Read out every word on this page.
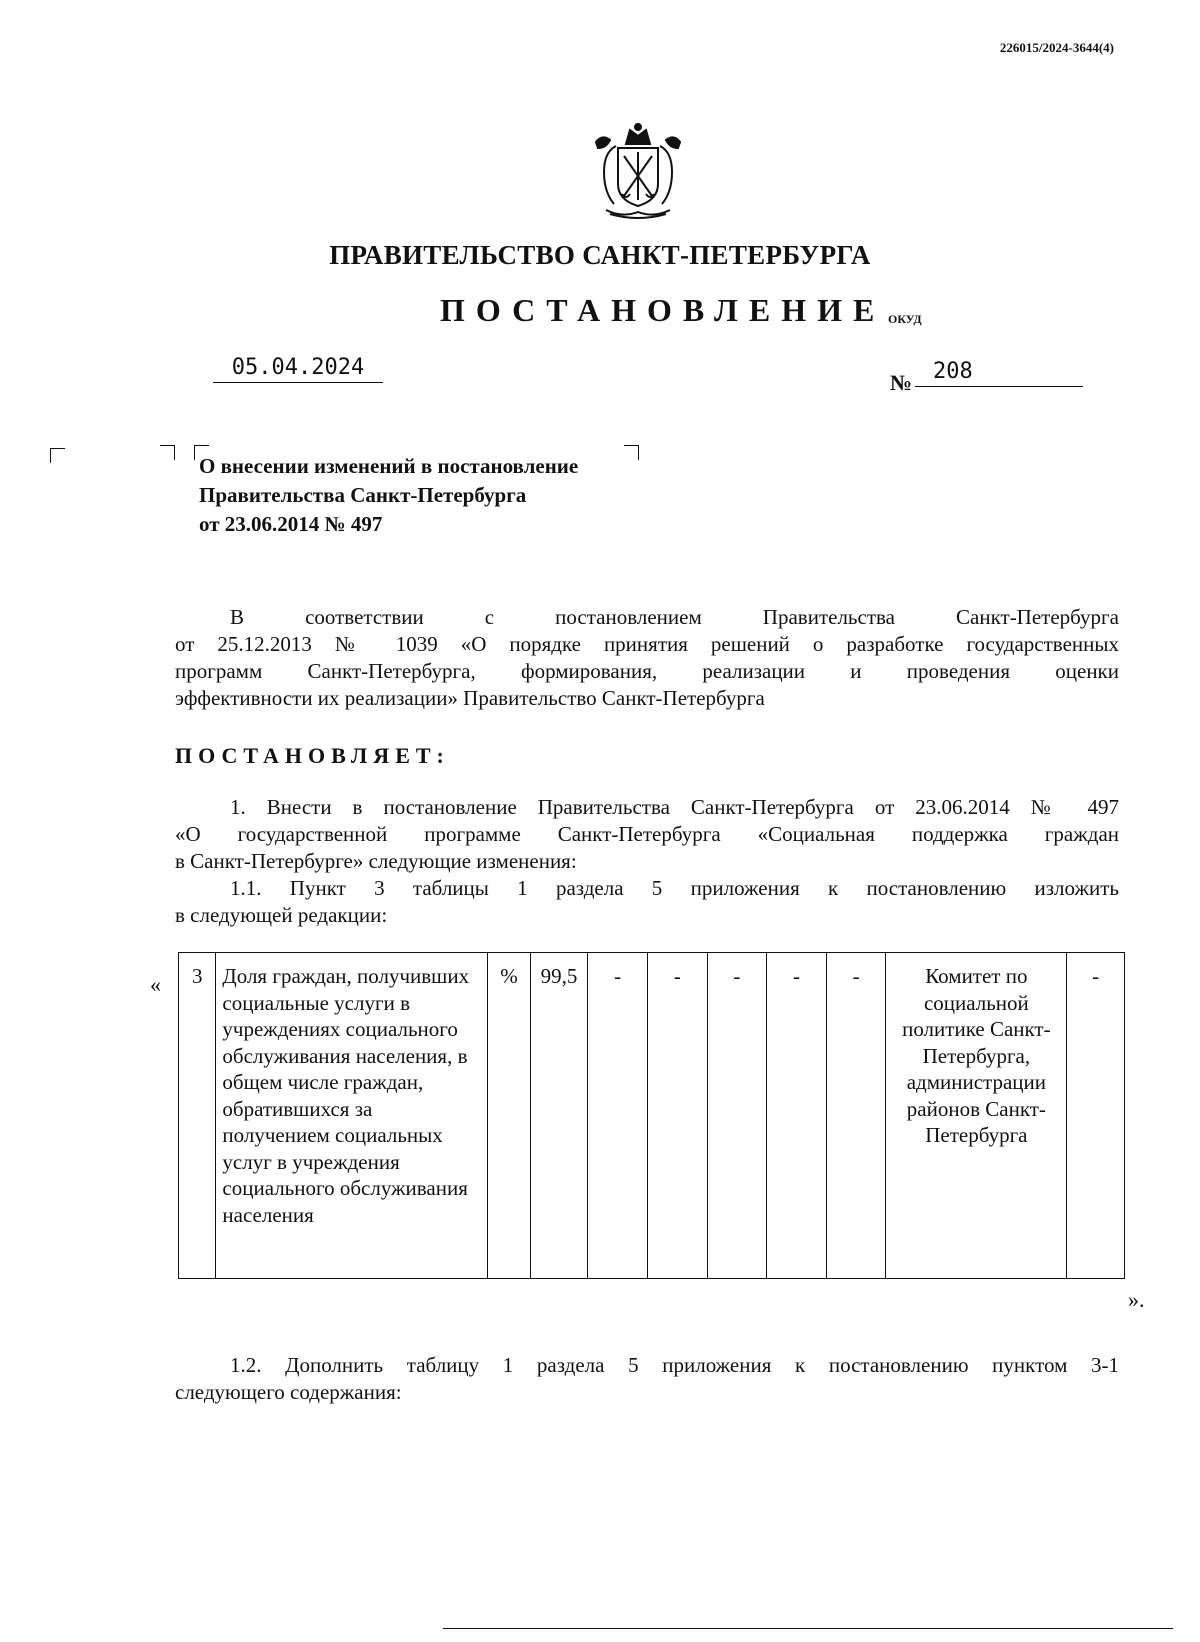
226015/2024-3644(4)
ПРАВИТЕЛЬСТВО САНКТ-ПЕТЕРБУРГА
ПОСТАНОВЛЕНИЕ ОКУД
05.04.2024
№ 208
О внесении изменений в постановление
Правительства Санкт-Петербурга
от 23.06.2014 № 497
В соответствии с постановлением Правительства Санкт-Петербурга
от 25.12.2013 № 1039 «О порядке принятия решений о разработке государственных
программ Санкт-Петербурга, формирования, реализации и проведения оценки
эффективности их реализации» Правительство Санкт-Петербурга
ПОСТАНОВЛЯЕТ:
1. Внести в постановление Правительства Санкт-Петербурга от 23.06.2014 № 497
«О государственной программе Санкт-Петербурга «Социальная поддержка граждан
в Санкт-Петербурге» следующие изменения:
1.1. Пункт 3 таблицы 1 раздела 5 приложения к постановлению изложить
в следующей редакции:
« 3	Доля граждан, получивших социальные услуги в учреждениях социального обслуживания населения, в общем числе граждан, обратившихся за получением социальных услуг в учреждения социального обслуживания населения	%	99,5	-	-	-	-	-	Комитет по социальной политике Санкт-Петербурга, администрации районов Санкт-Петербурга	-
».
1.2. Дополнить таблицу 1 раздела 5 приложения к постановлению пунктом 3-1
следующего содержания:
